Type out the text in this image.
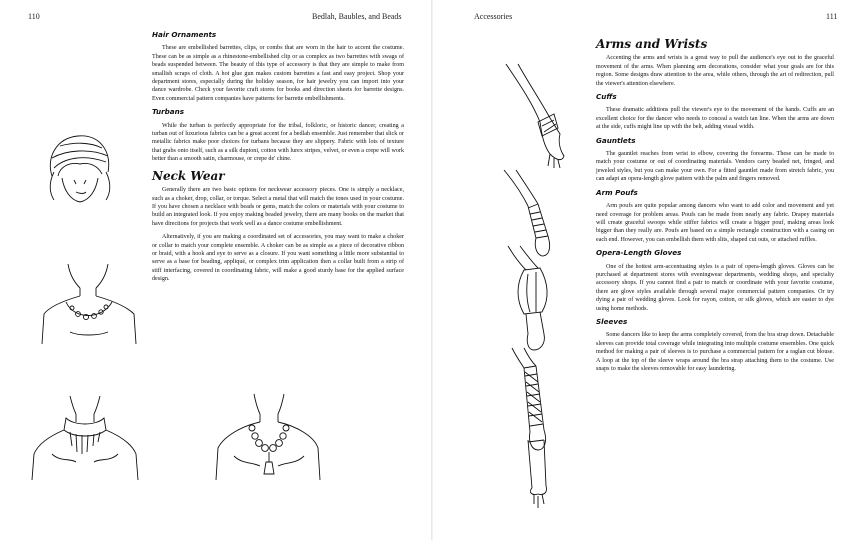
110	Bedlah, Baubles, and Beads	Accessories	111
Hair Ornaments

These are embellished barrettes, clips, or combs that are worn in the hair to accent the costume. These can be as simple as a rhinestone-embellished clip or as complex as two barrettes with swags of beads suspended between. The beauty of this type of accessory is that they are simple to make from smallish scraps of cloth. A hot glue gun makes custom barrettes a fast and easy project. Shop your department stores, especially during the holiday season, for hair jewelry you can import into your dance wardrobe. Check your favorite craft stores for books and direction sheets for barrette designs. Even commercial pattern companies have patterns for barrette embellishments.

Turbans

While the turban is perfectly appropriate for the tribal, folkloric, or historic dancer, creating a turban out of luxurious fabrics can be a great accent for a bedlah ensemble. Just remember that slick or metallic fabrics make poor choices for turbans because they are slippery. Fabric with lots of texture that grabs onto itself, such as a silk dupioni, cotton with lurex stripes, velvet, or even a crepe will work better than a smooth satin, charmouse, or crepe de' chine.

Neck Wear

Generally there are two basic options for neckwear accessory pieces. One is simply a necklace, such as a choker, drop, collar, or torque. Select a metal that will match the tones used in your costume. If you have chosen a necklace with beads or gems, match the colors or materials with your costume to build an integrated look. If you enjoy making beaded jewelry, there are many books on the market that have directions for projects that work well as a dance costume embellishment.

Alternatively, if you are making a coordinated set of accessories, you may want to make a choker or collar to match your complete ensemble. A choker can be as simple as a piece of decorative ribbon or braid, with a hook and eye to serve as a closure. If you want something a little more substantial to serve as a base for beading, appliqué, or complex trim application then a collar built from a strip of stiff interfacing, covered in coordinating fabric, will make a good sturdy base for the applied surface design.

Arms and Wrists

Accenting the arms and wrists is a great way to pull the audience's eye out to the graceful movement of the arms. When planning arm decorations, consider what your goals are for this region. Some designs draw attention to the area, while others, through the art of redirection, pull the viewer's attention elsewhere.

Cuffs

These dramatic additions pull the viewer's eye to the movement of the hands. Cuffs are an excellent choice for the dancer who needs to conceal a watch tan line. When the arms are down at the side, cuffs might line up with the belt, adding visual width.

Gauntlets

The gauntlet reaches from wrist to elbow, covering the forearms. These can be made to match your costume or out of coordinating materials. Vendors carry beaded net, fringed, and jeweled styles, but you can make your own. For a fitted gauntlet made from stretch fabric, you can adapt an opera-length glove pattern with the palm and fingers removed.

Arm Poufs

Arm poufs are quite popular among dancers who want to add color and movement and yet need coverage for problem areas. Poufs can be made from nearly any fabric. Drapey materials will create graceful swoops while stiffer fabrics will create a bigger pouf, making areas look bigger than they really are. Poufs are based on a simple rectangle construction with a casing on each end. However, you can embellish them with slits, shaped cut outs, or attached ruffles.

Opera-Length Gloves

One of the hottest arm-accentuating styles is a pair of opera-length gloves. Gloves can be purchased at department stores with eveningwear departments, wedding shops, and specialty accessory shops. If you cannot find a pair to match or coordinate with your favorite costume, there are glove styles available through several major commercial pattern companies. Or try dying a pair of wedding gloves. Look for rayon, cotton, or silk gloves, which are easier to dye using home methods.

Sleeves

Some dancers like to keep the arms completely covered, from the bra strap down. Detachable sleeves can provide total coverage while integrating into multiple costume ensembles. One quick method for making a pair of sleeves is to purchase a commercial pattern for a raglan cut blouse. A loop at the top of the sleeve wraps around the bra strap attaching them to the costume. Use snaps to make the sleeves removable for easy laundering.
